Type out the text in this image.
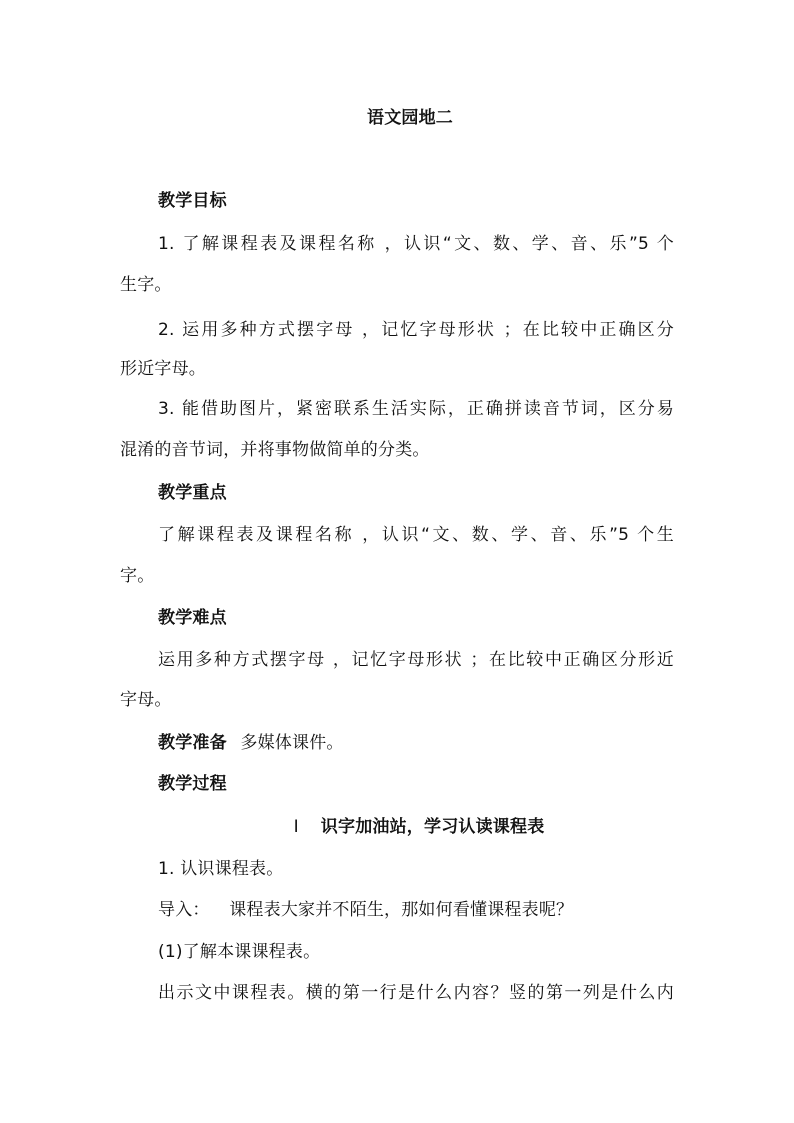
语文园地二
教学目标
1. 了解课程表及课程名称 ，认识“文、数、学、音、乐”5 个
生字。
2. 运用多种方式摆字母 ，记忆字母形状 ；在比较中正确区分
形近字母。
3. 能借助图片，紧密联系生活实际，正确拼读音节词，区分易
混淆的音节词，并将事物做简单的分类。
教学重点
了解课程表及课程名称 ，认识“文、数、学、音、乐”5 个生
字。
教学难点
运用多种方式摆字母 ，记忆字母形状 ；在比较中正确区分形近
字母。
教学准备 多媒体课件。
教学过程
I 识字加油站，学习认读课程表
1. 认识课程表。
导入： 课程表大家并不陌生，那如何看懂课程表呢？
(1)了解本课课程表。
出示文中课程表。横的第一行是什么内容？竖的第一列是什么内
